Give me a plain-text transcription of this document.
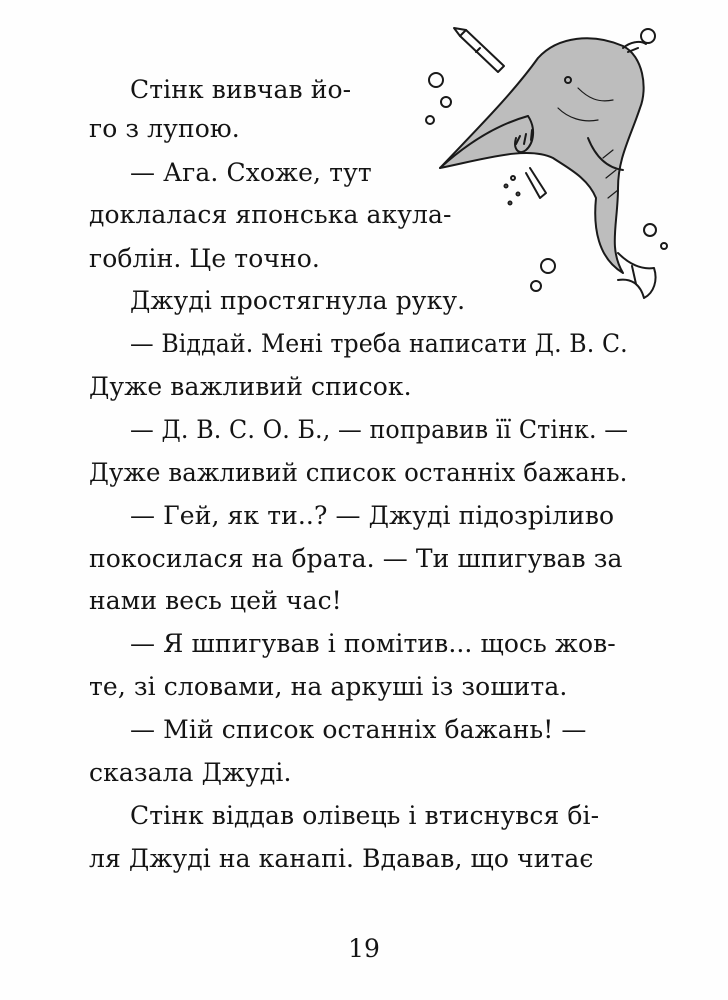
Стінк вивчав йо-
го з лупою.
— Ага. Схоже, тут
доклалася японська акула-
гоблін. Це точно.
Джуді простягнула руку.
— Віддай. Мені треба написати Д. В. С.
Дуже важливий список.
— Д. В. С. О. Б., — поправив її Стінк. —
Дуже важливий список останніх бажань.
— Гей, як ти..? — Джуді підозріливо
покосилася на брата. — Ти шпигував за
нами весь цей час!
— Я шпигував і помітив... щось жов-
те, зі словами, на аркуші із зошита.
— Мій список останніх бажань! —
сказала Джуді.
Стінк віддав олівець і втиснувся бі-
ля Джуді на канапі. Вдавав, що читає
19
